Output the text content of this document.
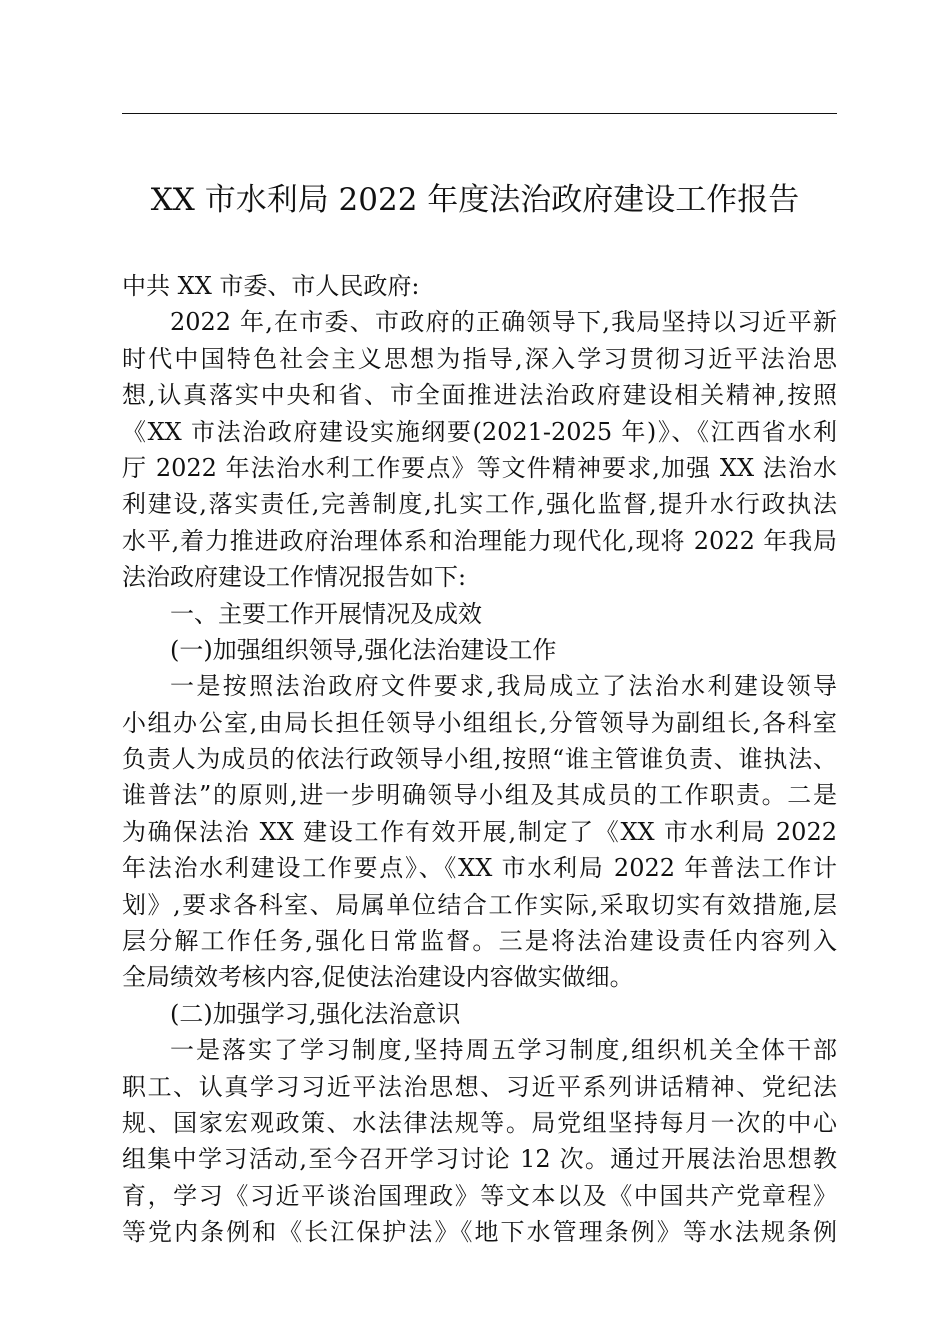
XX 市水利局 2022 年度法治政府建设工作报告
中共 XX 市委、市人民政府:
2022 年,在市委、市政府的正确领导下,我局坚持以习近平新
时代中国特色社会主义思想为指导,深入学习贯彻习近平法治思
想,认真落实中央和省、市全面推进法治政府建设相关精神,按照
《XX 市法治政府建设实施纲要(2021-2025 年)》、《江西省水利
厅 2022 年法治水利工作要点》等文件精神要求,加强 XX 法治水
利建设,落实责任,完善制度,扎实工作,强化监督,提升水行政执法
水平,着力推进政府治理体系和治理能力现代化,现将 2022 年我局
法治政府建设工作情况报告如下:
一、主要工作开展情况及成效
(一)加强组织领导,强化法治建设工作
一是按照法治政府文件要求,我局成立了法治水利建设领导
小组办公室,由局长担任领导小组组长,分管领导为副组长,各科室
负责人为成员的依法行政领导小组,按照“谁主管谁负责、谁执法、
谁普法”的原则,进一步明确领导小组及其成员的工作职责。二是
为确保法治 XX 建设工作有效开展,制定了《XX 市水利局 2022
年法治水利建设工作要点》、《XX 市水利局 2022 年普法工作计
划》,要求各科室、局属单位结合工作实际,采取切实有效措施,层
层分解工作任务,强化日常监督。三是将法治建设责任内容列入
全局绩效考核内容,促使法治建设内容做实做细。
(二)加强学习,强化法治意识
一是落实了学习制度,坚持周五学习制度,组织机关全体干部
职工、认真学习习近平法治思想、习近平系列讲话精神、党纪法
规、国家宏观政策、水法律法规等。局党组坚持每月一次的中心
组集中学习活动,至今召开学习讨论 12 次。通过开展法治思想教
育，学习《习近平谈治国理政》等文本以及《中国共产党章程》
等党内条例和《长江保护法》《地下水管理条例》等水法规条例
